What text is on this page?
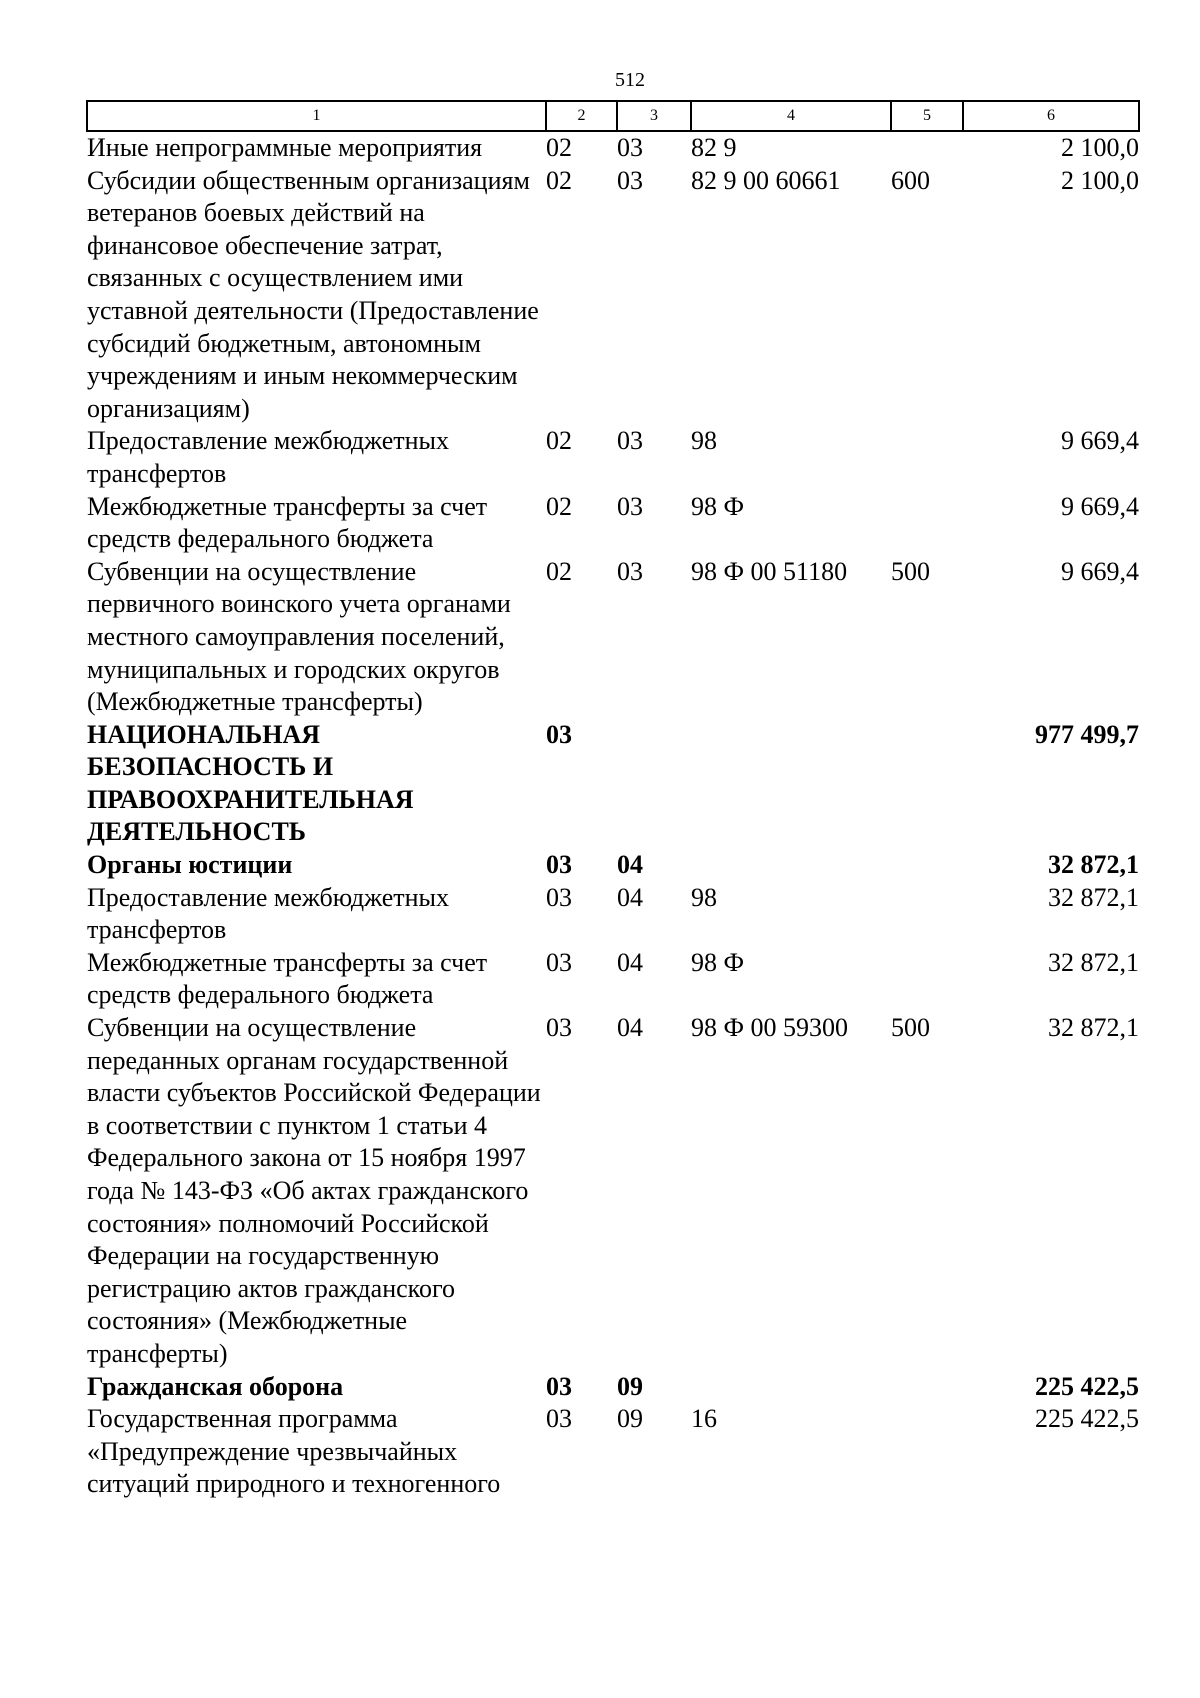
512
1	2	3	4	5	6
Иные непрограммные мероприятия	02	03	82 9		2 100,0
Субсидии общественным организациям ветеранов боевых действий на финансовое обеспечение затрат, связанных с осуществлением ими уставной деятельности (Предоставление субсидий бюджетным, автономным учреждениям и иным некоммерческим организациям)	02	03	82 9 00 60661	600	2 100,0
Предоставление межбюджетных трансфертов	02	03	98		9 669,4
Межбюджетные трансферты за счет средств федерального бюджета	02	03	98 Ф		9 669,4
Субвенции на осуществление первичного воинского учета органами местного самоуправления поселений, муниципальных и городских округов (Межбюджетные трансферты)	02	03	98 Ф 00 51180	500	9 669,4
НАЦИОНАЛЬНАЯ БЕЗОПАСНОСТЬ И ПРАВООХРАНИТЕЛЬНАЯ ДЕЯТЕЛЬНОСТЬ	03				977 499,7
Органы юстиции	03	04			32 872,1
Предоставление межбюджетных трансфертов	03	04	98		32 872,1
Межбюджетные трансферты за счет средств федерального бюджета	03	04	98 Ф		32 872,1
Субвенции на осуществление переданных органам государственной власти субъектов Российской Федерации в соответствии с пунктом 1 статьи 4 Федерального закона от 15 ноября 1997 года № 143-ФЗ «Об актах гражданского состояния» полномочий Российской Федерации на государственную регистрацию актов гражданского состояния» (Межбюджетные трансферты)	03	04	98 Ф 00 59300	500	32 872,1
Гражданская оборона	03	09			225 422,5
Государственная программа «Предупреждение чрезвычайных ситуаций природного и техногенного	03	09	16		225 422,5
